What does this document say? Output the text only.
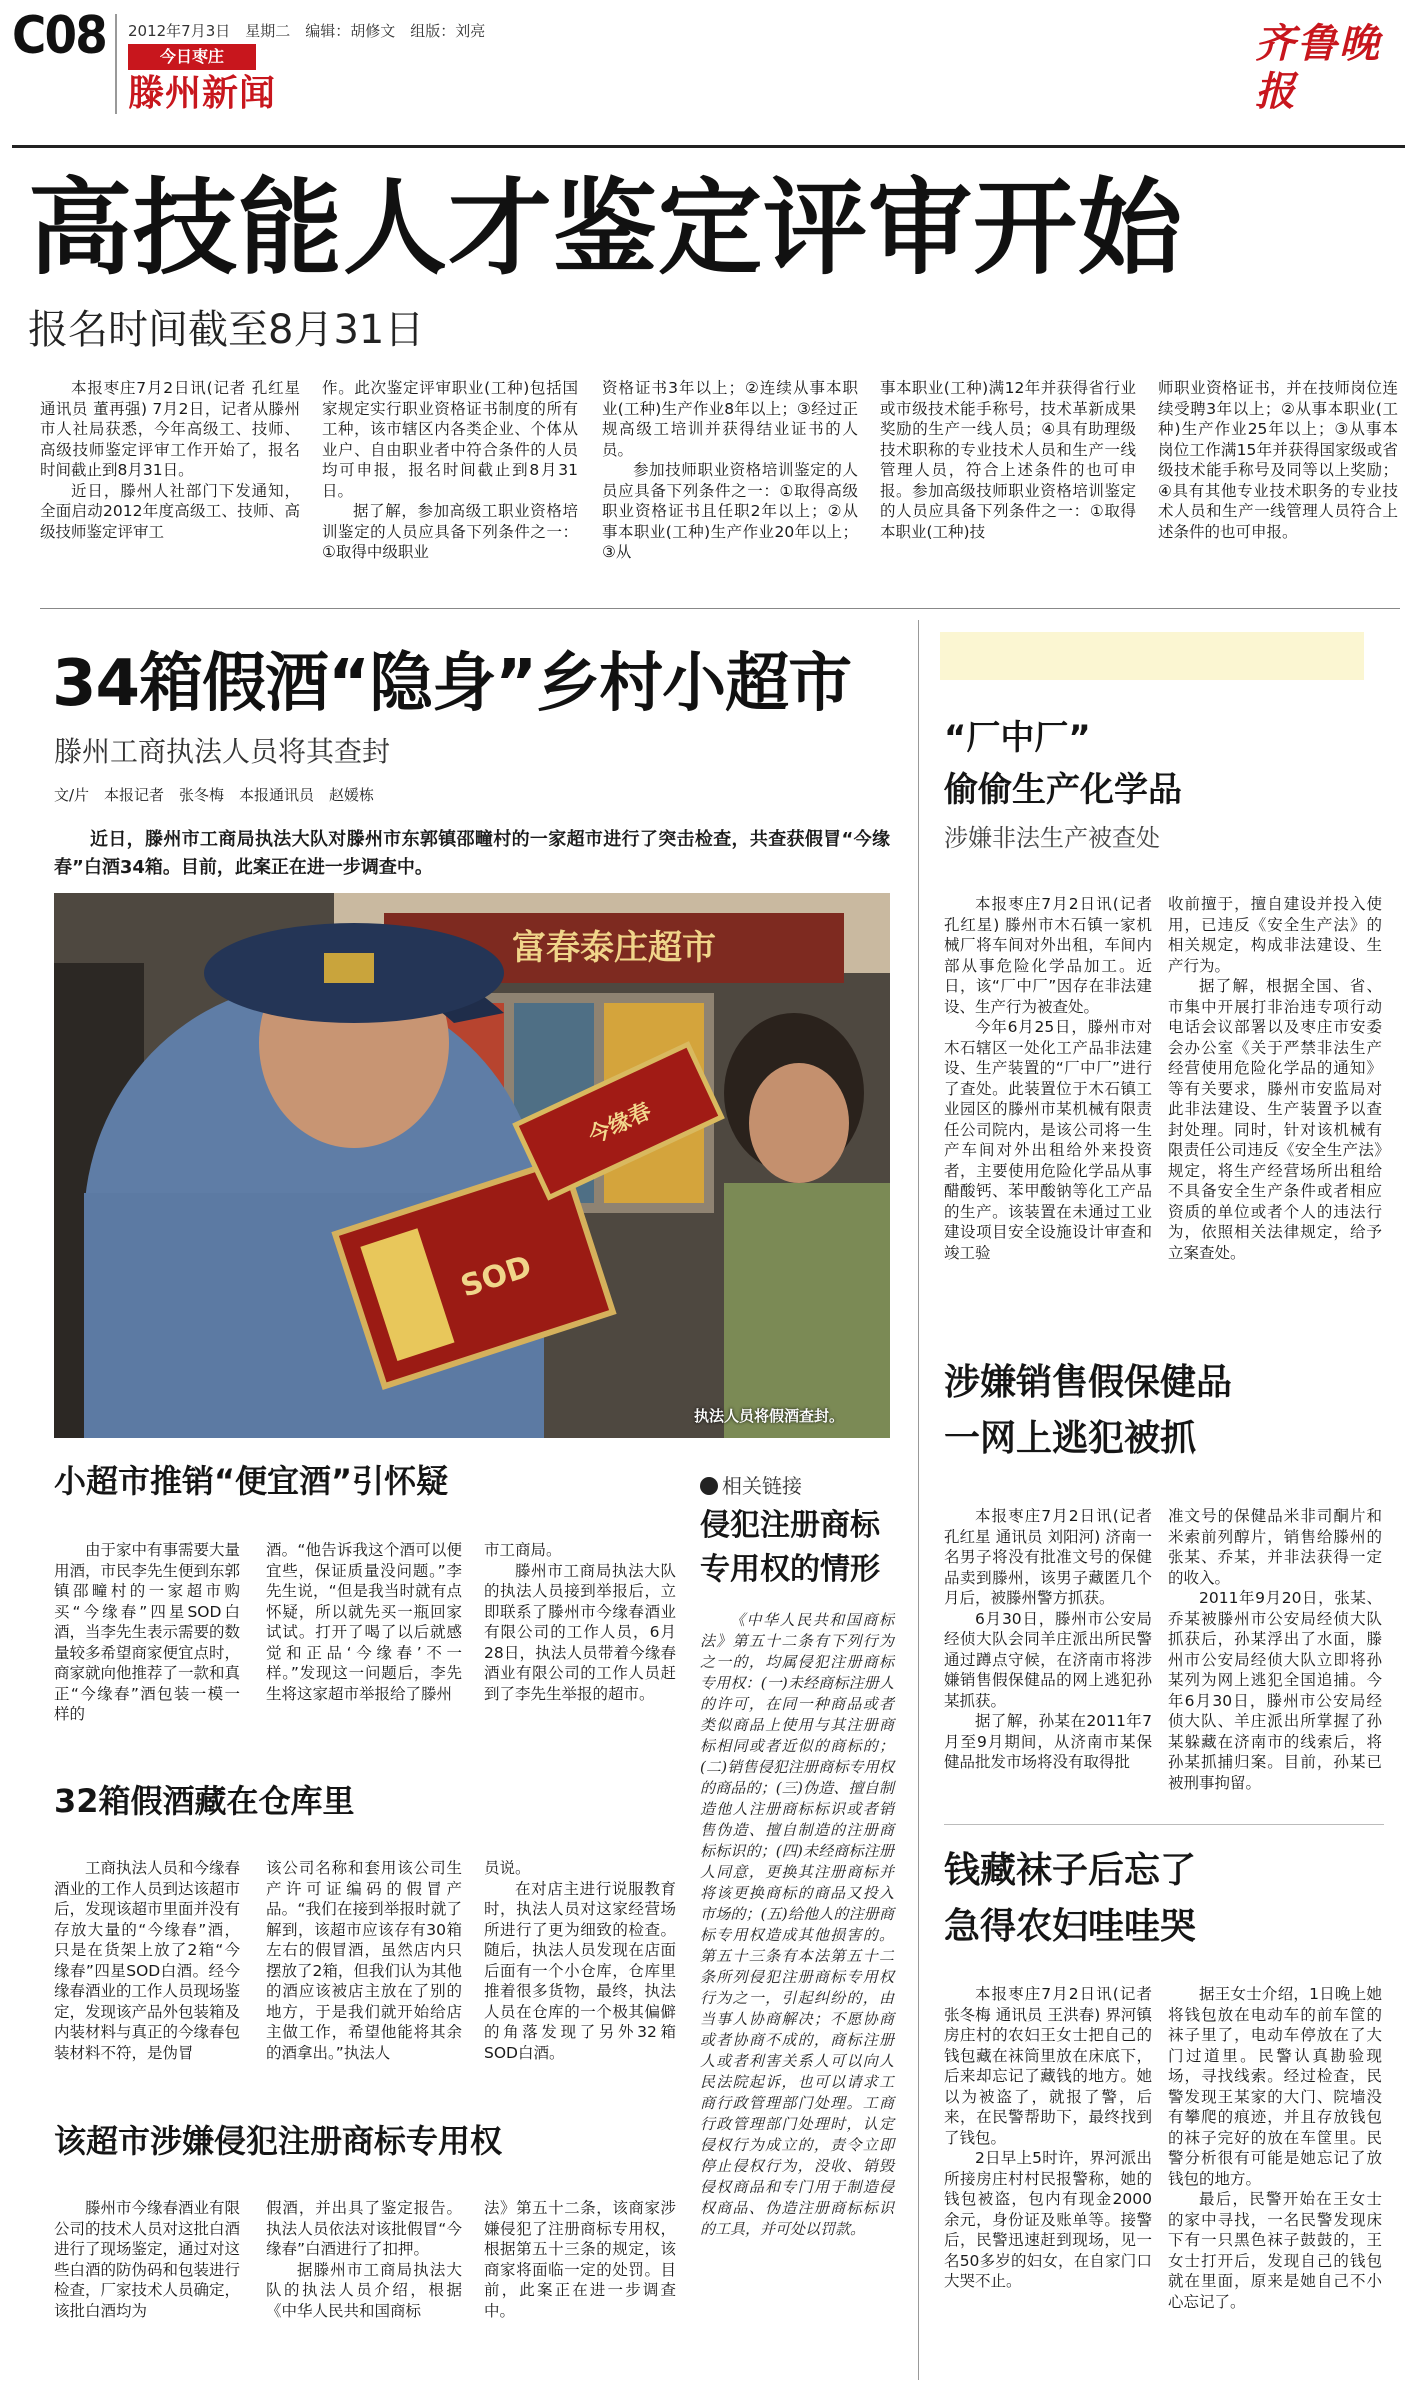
C08 2012年7月3日　星期二　编辑：胡修文　组版：刘亮
今日枣庄
滕州新闻
齐鲁晚报
高技能人才鉴定评审开始
报名时间截至8月31日

本报枣庄7月2日讯(记者 孔红星 通讯员 董再强) 7月2日，记者从滕州市人社局获悉，今年高级工、技师、高级技师鉴定评审工作开始了，报名时间截止到8月31日。

近日，滕州人社部门下发通知，全面启动2012年度高级工、技师、高级技师鉴定评审工

作。此次鉴定评审职业(工种)包括国家规定实行职业资格证书制度的所有工种，该市辖区内各类企业、个体从业户、自由职业者中符合条件的人员均可申报，报名时间截止到8月31日。

据了解，参加高级工职业资格培训鉴定的人员应具备下列条件之一：①取得中级职业

资格证书3年以上；②连续从事本职业(工种)生产作业8年以上；③经过正规高级工培训并获得结业证书的人员。

参加技师职业资格培训鉴定的人员应具备下列条件之一：①取得高级职业资格证书且任职2年以上；②从事本职业(工种)生产作业20年以上；③从

事本职业(工种)满12年并获得省行业或市级技术能手称号，技术革新成果奖励的生产一线人员；④具有助理级技术职称的专业技术人员和生产一线管理人员，符合上述条件的也可申报。参加高级技师职业资格培训鉴定的人员应具备下列条件之一：①取得本职业(工种)技

师职业资格证书，并在技师岗位连续受聘3年以上；②从事本职业(工种)生产作业25年以上；③从事本岗位工作满15年并获得国家级或省级技术能手称号及同等以上奖励；④具有其他专业技术职务的专业技术人员和生产一线管理人员符合上述条件的也可申报。

34箱假酒“隐身”乡村小超市
滕州工商执法人员将其查封
文/片　本报记者　张冬梅　本报通讯员　赵媛栋

近日，滕州市工商局执法大队对滕州市东郭镇邵疃村的一家超市进行了突击检查，共查获假冒“今缘春”白酒34箱。目前，此案正在进一步调查中。

富春泰庄超市
SOD
今缘春
执法人员将假酒查封。
小超市推销“便宜酒”引怀疑

由于家中有事需要大量用酒，市民李先生便到东郭镇邵疃村的一家超市购买“今缘春”四星SOD白酒，当李先生表示需要的数量较多希望商家便宜点时，商家就向他推荐了一款和真正“今缘春”酒包装一模一样的

酒。“他告诉我这个酒可以便宜些，保证质量没问题。”李先生说，“但是我当时就有点怀疑，所以就先买一瓶回家试试。打开了喝了以后就感觉和正品‘今缘春’不一样。”发现这一问题后，李先生将这家超市举报给了滕州

市工商局。

滕州市工商局执法大队的执法人员接到举报后，立即联系了滕州市今缘春酒业有限公司的工作人员，6月28日，执法人员带着今缘春酒业有限公司的工作人员赶到了李先生举报的超市。

32箱假酒藏在仓库里

工商执法人员和今缘春酒业的工作人员到达该超市后，发现该超市里面并没有存放大量的“今缘春”酒，只是在货架上放了2箱“今缘春”四星SOD白酒。经今缘春酒业的工作人员现场鉴定，发现该产品外包装箱及内装材料与真正的今缘春包装材料不符，是伪冒

该公司名称和套用该公司生产许可证编码的假冒产品。“我们在接到举报时就了解到，该超市应该存有30箱左右的假冒酒，虽然店内只摆放了2箱，但我们认为其他的酒应该被店主放在了别的地方，于是我们就开始给店主做工作，希望他能将其余的酒拿出。”执法人

员说。

在对店主进行说服教育时，执法人员对这家经营场所进行了更为细致的检查。随后，执法人员发现在店面后面有一个小仓库，仓库里推着很多货物，最终，执法人员在仓库的一个极其偏僻的角落发现了另外32箱SOD白酒。

该超市涉嫌侵犯注册商标专用权

滕州市今缘春酒业有限公司的技术人员对这批白酒进行了现场鉴定，通过对这些白酒的防伪码和包装进行检查，厂家技术人员确定，该批白酒均为

假酒，并出具了鉴定报告。执法人员依法对该批假冒“今缘春”白酒进行了扣押。

据滕州市工商局执法大队的执法人员介绍，根据《中华人民共和国商标

法》第五十二条，该商家涉嫌侵犯了注册商标专用权，根据第五十三条的规定，该商家将面临一定的处罚。目前，此案正在进一步调查中。

相关链接
侵犯注册商标
专用权的情形

《中华人民共和国商标法》第五十二条有下列行为之一的，均属侵犯注册商标专用权：(一)未经商标注册人的许可，在同一种商品或者类似商品上使用与其注册商标相同或者近似的商标的；(二)销售侵犯注册商标专用权的商品的；(三)伪造、擅自制造他人注册商标标识或者销售伪造、擅自制造的注册商标标识的；(四)未经商标注册人同意，更换其注册商标并将该更换商标的商品又投入市场的；(五)给他人的注册商标专用权造成其他损害的。第五十三条有本法第五十二条所列侵犯注册商标专用权行为之一，引起纠纷的，由当事人协商解决；不愿协商或者协商不成的，商标注册人或者利害关系人可以向人民法院起诉，也可以请求工商行政管理部门处理。工商行政管理部门处理时，认定侵权行为成立的，责令立即停止侵权行为，没收、销毁侵权商品和专门用于制造侵权商品、伪造注册商标标识的工具，并可处以罚款。

“厂中厂”
偷偷生产化学品
涉嫌非法生产被查处

本报枣庄7月2日讯(记者 孔红星) 滕州市木石镇一家机械厂将车间对外出租，车间内部从事危险化学品加工。近日，该“厂中厂”因存在非法建设、生产行为被查处。

今年6月25日，滕州市对木石辖区一处化工产品非法建设、生产装置的“厂中厂”进行了查处。此装置位于木石镇工业园区的滕州市某机械有限责任公司院内，是该公司将一生产车间对外出租给外来投资者，主要使用危险化学品从事醋酸钙、苯甲酸钠等化工产品的生产。该装置在未通过工业建设项目安全设施设计审查和竣工验

收前擅于，擅自建设并投入使用，已违反《安全生产法》的相关规定，构成非法建设、生产行为。

据了解，根据全国、省、市集中开展打非治违专项行动电话会议部署以及枣庄市安委会办公室《关于严禁非法生产经营使用危险化学品的通知》等有关要求，滕州市安监局对此非法建设、生产装置予以查封处理。同时，针对该机械有限责任公司违反《安全生产法》规定，将生产经营场所出租给不具备安全生产条件或者相应资质的单位或者个人的违法行为，依照相关法律规定，给予立案查处。

涉嫌销售假保健品
一网上逃犯被抓

本报枣庄7月2日讯(记者 孔红星 通讯员 刘阳河) 济南一名男子将没有批准文号的保健品卖到滕州，该男子藏匿几个月后，被滕州警方抓获。

6月30日，滕州市公安局经侦大队会同羊庄派出所民警通过蹲点守候，在济南市将涉嫌销售假保健品的网上逃犯孙某抓获。

据了解，孙某在2011年7月至9月期间，从济南市某保健品批发市场将没有取得批

准文号的保健品米非司酮片和米索前列醇片，销售给滕州的张某、乔某，并非法获得一定的收入。

2011年9月20日，张某、乔某被滕州市公安局经侦大队抓获后，孙某浮出了水面，滕州市公安局经侦大队立即将孙某列为网上逃犯全国追捕。今年6月30日，滕州市公安局经侦大队、羊庄派出所掌握了孙某躲藏在济南市的线索后，将孙某抓捕归案。目前，孙某已被刑事拘留。

钱藏袜子后忘了
急得农妇哇哇哭

本报枣庄7月2日讯(记者 张冬梅 通讯员 王洪春) 界河镇房庄村的农妇王女士把自己的钱包藏在袜筒里放在床底下，后来却忘记了藏钱的地方。她以为被盗了，就报了警，后来，在民警帮助下，最终找到了钱包。

2日早上5时许，界河派出所接房庄村村民报警称，她的钱包被盗，包内有现金2000余元，身份证及账单等。接警后，民警迅速赶到现场，见一名50多岁的妇女，在自家门口大哭不止。

据王女士介绍，1日晚上她将钱包放在电动车的前车筐的袜子里了，电动车停放在了大门过道里。民警认真勘验现场，寻找线索。经过检查，民警发现王某家的大门、院墙没有攀爬的痕迹，并且存放钱包的袜子完好的放在车筐里。民警分析很有可能是她忘记了放钱包的地方。

最后，民警开始在王女士的家中寻找，一名民警发现床下有一只黑色袜子鼓鼓的，王女士打开后，发现自己的钱包就在里面，原来是她自己不小心忘记了。
